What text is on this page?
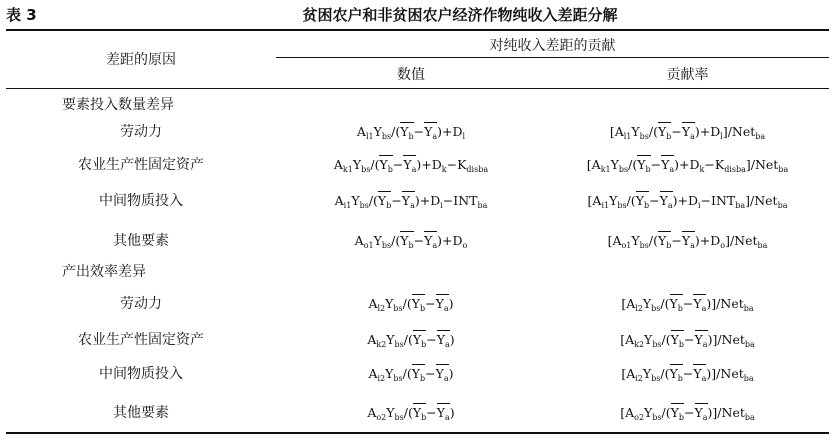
表 3	贫困农户和非贫困农户经济作物纯收入差距分解
差距的原因
对纯收入差距的贡献
数值	贡献率
要素投入数量差异
劳动力	$A_{l1}Y_{bs}/(Y_b-Y_a)+D_l$	$[A_{l1}Y_{bs}/(Y_b-Y_a)+D_l]/Net_{ba}$
农业生产性固定资产	$A_{k1}Y_{bs}/(Y_b-Y_a)+D_k-K_{disba}$	$[A_{k1}Y_{bs}/(Y_b-Y_a)+D_k-K_{disba}]/Net_{ba}$
中间物质投入	$A_{i1}Y_{bs}/(Y_b-Y_a)+D_i-INT_{ba}$	$[A_{i1}Y_{bs}/(Y_b-Y_a)+D_i-INT_{ba}]/Net_{ba}$
其他要素	$A_{o1}Y_{bs}/(Y_b-Y_a)+D_o$	$[A_{o1}Y_{bs}/(Y_b-Y_a)+D_o]/Net_{ba}$
产出效率差异
劳动力	$A_{l2}Y_{bs}/(Y_b-Y_a)$	$[A_{l2}Y_{bs}/(Y_b-Y_a)]/Net_{ba}$
农业生产性固定资产	$A_{k2}Y_{bs}/(Y_b-Y_a)$	$[A_{k2}Y_{bs}/(Y_b-Y_a)]/Net_{ba}$
中间物质投入	$A_{i2}Y_{bs}/(Y_b-Y_a)$	$[A_{i2}Y_{bs}/(Y_b-Y_a)]/Net_{ba}$
其他要素	$A_{o2}Y_{bs}/(Y_b-Y_a)$	$[A_{o2}Y_{bs}/(Y_b-Y_a)]/Net_{ba}$
